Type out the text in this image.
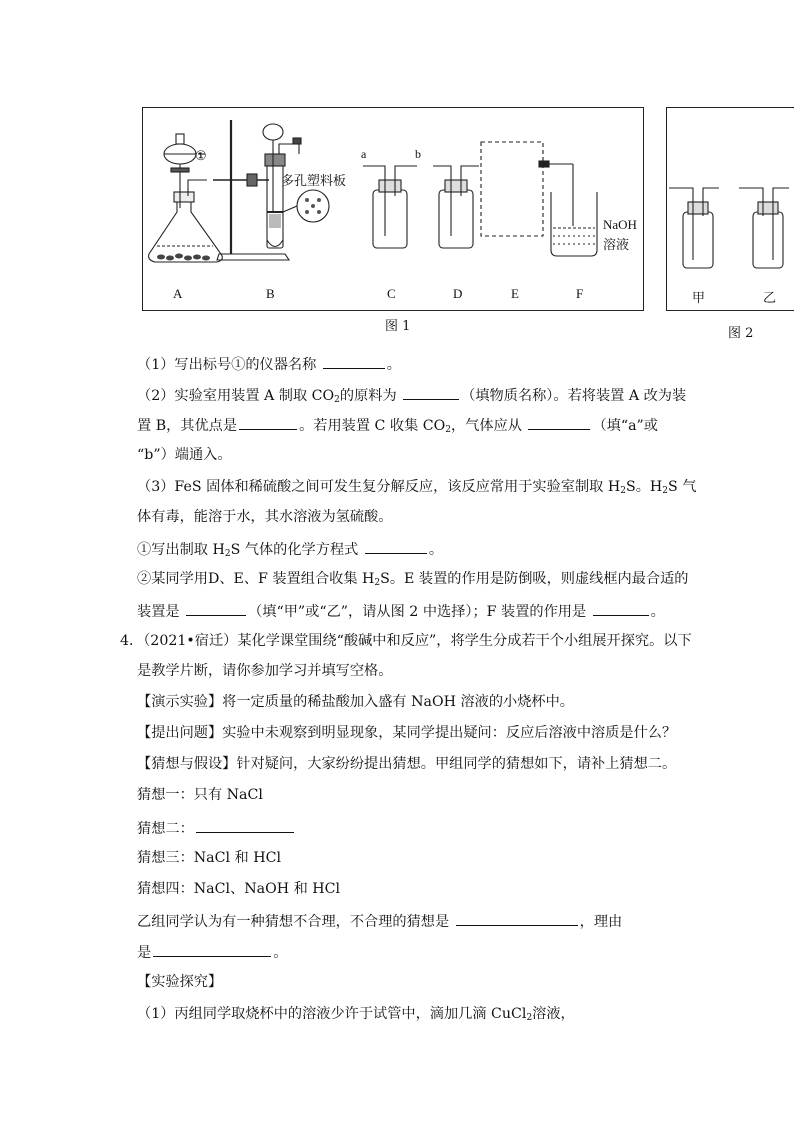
①
多孔塑料板
a	b
NaOH
溶液
A	B	C	D	E	F
图 1
甲	乙
图 2
（1）写出标号①的仪器名称	。
（2）实验室用装置 A 制取 $CO_2$的原料为	（填物质名称）。若将装置 A 改为装
置 B，其优点是	。若用装置 C 收集 $CO_2$，气体应从	（填“a”或
“b”）端通入。
（3）FeS 固体和稀硫酸之间可发生复分解反应，该反应常用于实验室制取 $H_2S$。$H_2S$ 气
体有毒，能溶于水，其水溶液为氢硫酸。
①写出制取 $H_2S$ 气体的化学方程式	。
②某同学用D、E、F 装置组合收集 $H_2S$。E 装置的作用是防倒吸，则虚线框内最合适的
装置是	（填“甲”或“乙”，请从图 2 中选择）；F 装置的作用是	。
4．（2021•宿迁）某化学课堂围绕“酸碱中和反应”，将学生分成若干个小组展开探究。以下
是教学片断，请你参加学习并填写空格。
【演示实验】将一定质量的稀盐酸加入盛有 NaOH 溶液的小烧杯中。
【提出问题】实验中未观察到明显现象，某同学提出疑问：反应后溶液中溶质是什么？
【猜想与假设】针对疑问，大家纷纷提出猜想。甲组同学的猜想如下，请补上猜想二。
猜想一：只有 NaCl
猜想二：
猜想三：NaCl 和 HCl
猜想四：NaCl、NaOH 和 HCl
乙组同学认为有一种猜想不合理，不合理的猜想是	，理由
是	。
【实验探究】
（1）丙组同学取烧杯中的溶液少许于试管中，滴加几滴 CuCl$_2$溶液，
